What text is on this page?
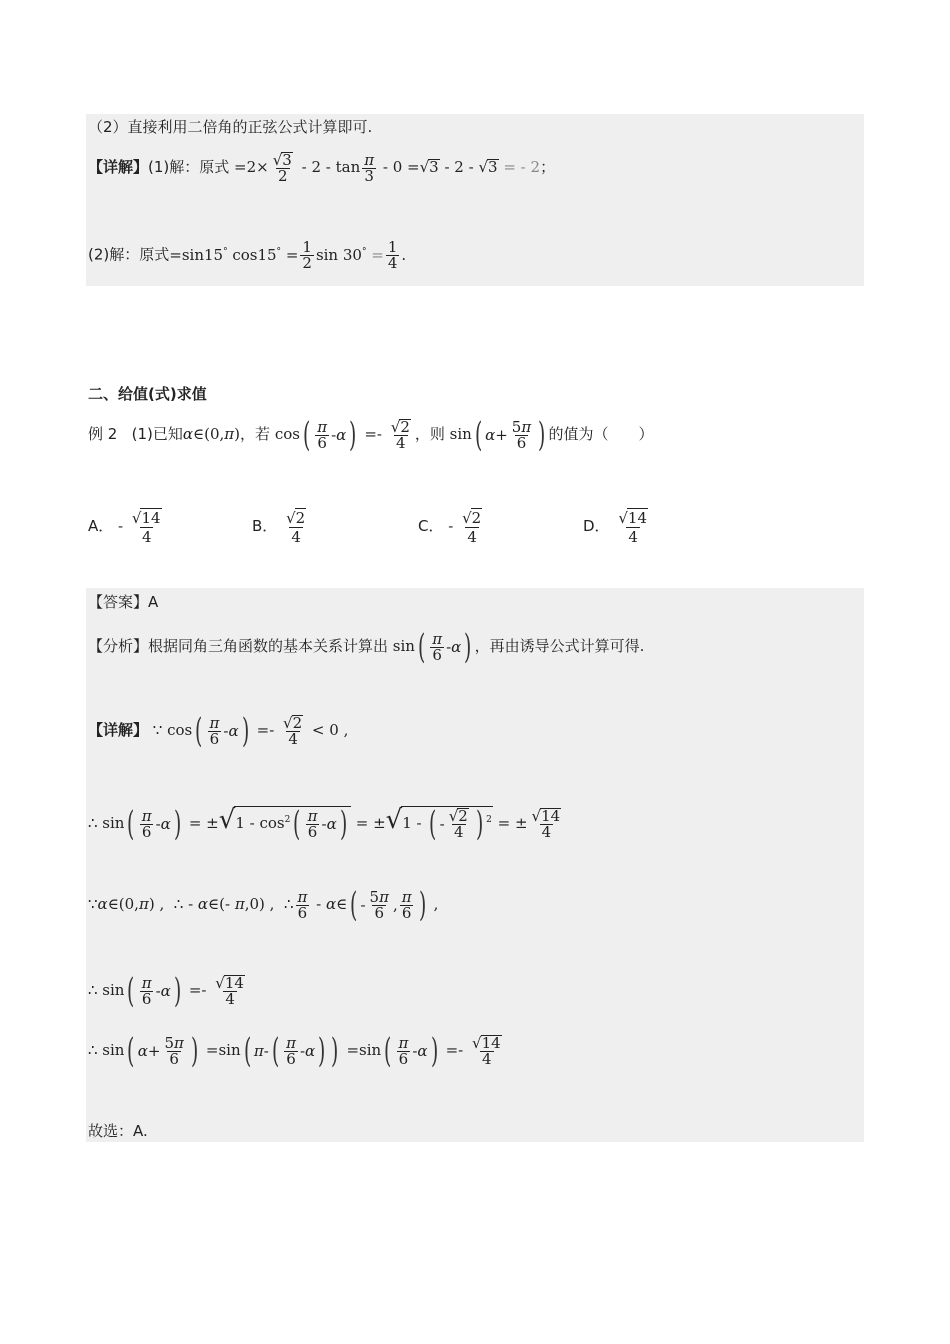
（2）直接利用二倍角的正弦公式计算即可.
【详解】(1)解：原式 $=2\times \frac{√3}{2} - 2 - \tan \frac{\pi}{3} - 0 =√3 - 2 - √3$ = - 2；
(2)解：原式=sin15° $\cos 15^\circ = \frac{1}{2}$ $\sin 30^\circ = \frac{1}{4}$ .
二、给值(式)求值
例 2 (1)已知α∈(0,π)，若 cos ( $\frac{\pi}{6}$ - α ) =- $\frac{√2}{4}$ ，则 sin ( $\alpha + \frac{5\pi}{6}$ ) 的值为（　　）
A． - $\frac{√14}{4}$	B． $\frac{√2}{4}$	C． - $\frac{√2}{4}$	D． $\frac{√14}{4}$
【答案】A
【分析】根据同角三角函数的基本关系计算出 sin ( $\frac{\pi}{6}$ - α ) ，再由诱导公式计算可得.
【详解】 ∵ cos ( $\frac{\pi}{6}$ - α ) =- $\frac{√2}{4} < 0$ ,
∴ sin ( $\frac{\pi}{6}$ - α ) = $\pm√1 - \cos^2$ ( $\frac{\pi}{6}$ - α ) = ±√1 - ( - $\frac{√2}{4}$ ) $^2$ = ± $\frac{√14}{4}$
∵α∈(0,π) ,  ∴ - α∈(- π,0) ,  ∴ $\frac{\pi}{6}$ - α∈ ( - $\frac{5\pi}{6}$ , $\frac{\pi}{6}$ ) ,
∴ sin ( $\frac{\pi}{6}$ - α ) =- $\frac{√14}{4}$
∴ sin ( $\alpha + \frac{5\pi}{6}$ ) =sin ( π - ( $\frac{\pi}{6}$ - α ) ) =sin ( $\frac{\pi}{6}$ - α ) =- $\frac{√14}{4}$
故选：A.
